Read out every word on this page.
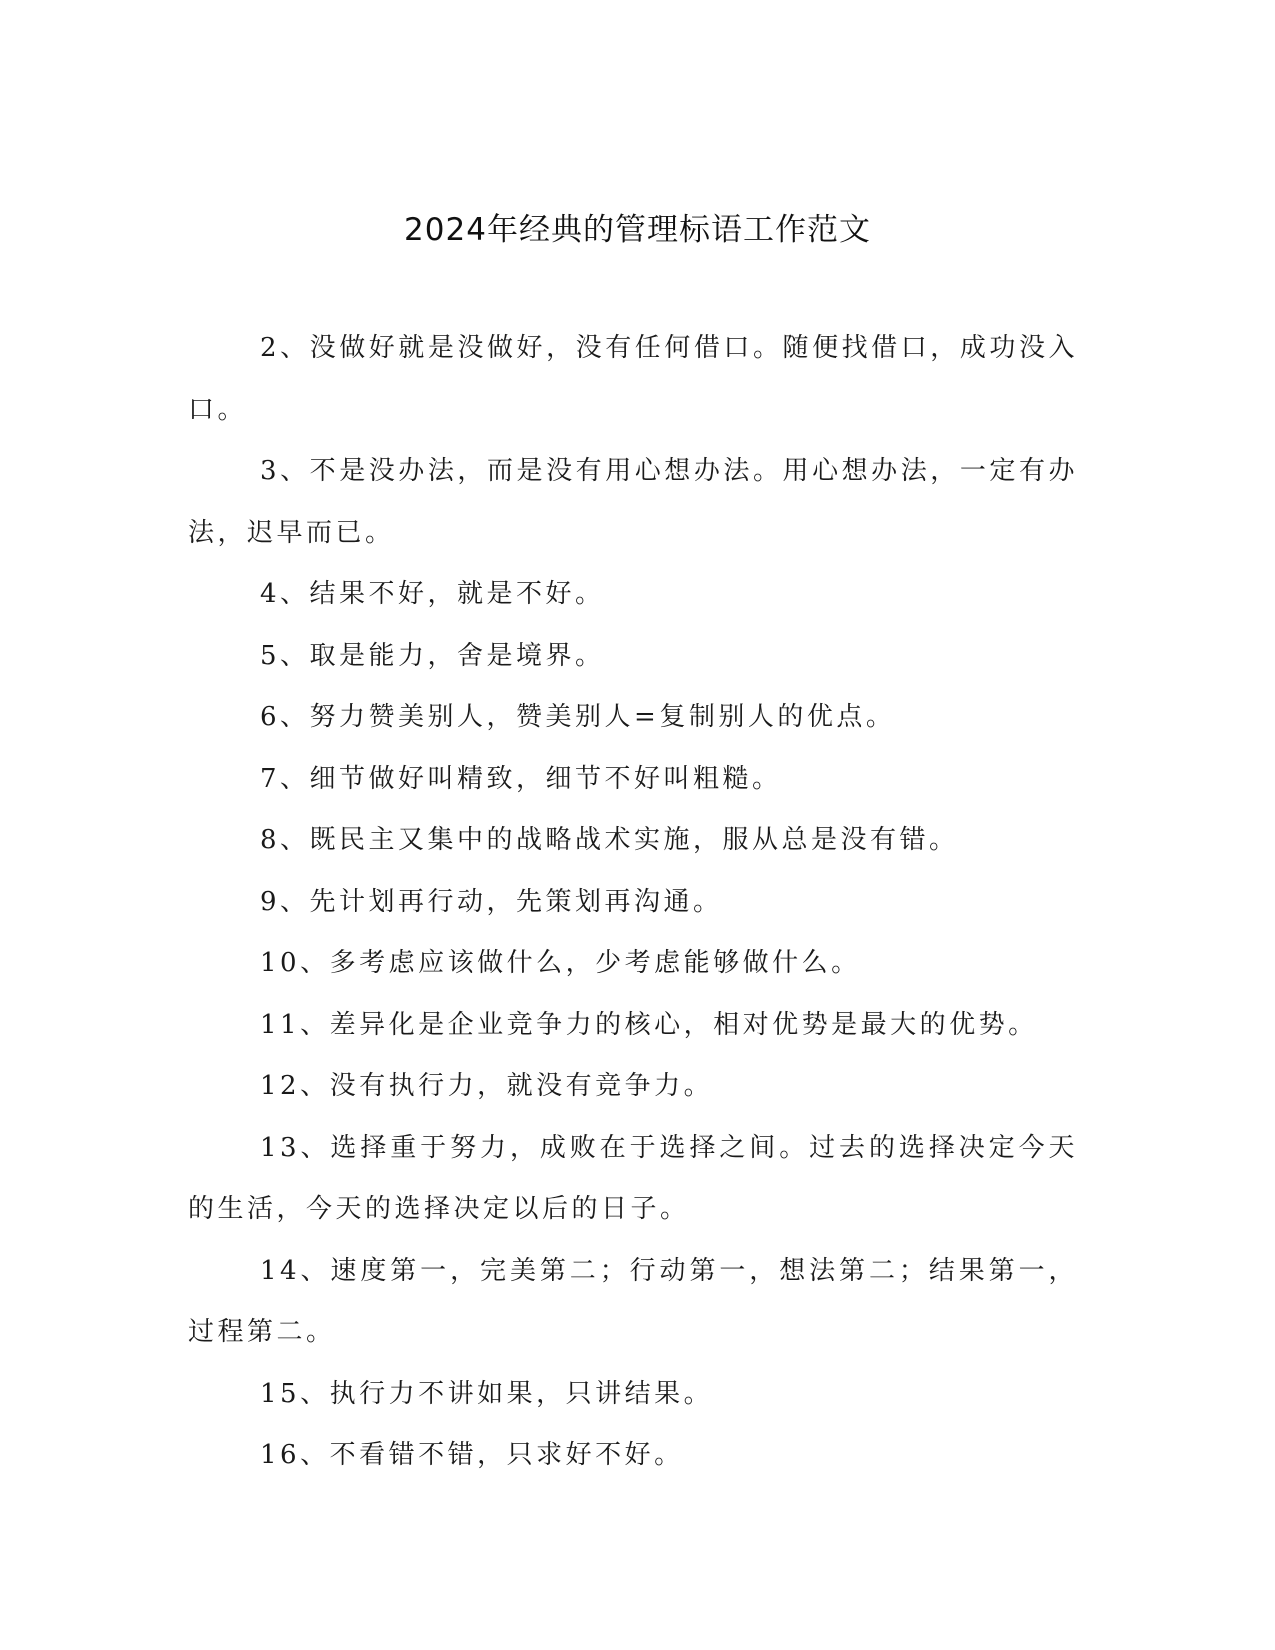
2024年经典的管理标语工作范文

2、没做好就是没做好，没有任何借口。随便找借口，成功没入口。

3、不是没办法，而是没有用心想办法。用心想办法，一定有办法，迟早而已。

4、结果不好，就是不好。

5、取是能力，舍是境界。

6、努力赞美别人，赞美别人=复制别人的优点。

7、细节做好叫精致，细节不好叫粗糙。

8、既民主又集中的战略战术实施，服从总是没有错。

9、先计划再行动，先策划再沟通。

10、多考虑应该做什么，少考虑能够做什么。

11、差异化是企业竞争力的核心，相对优势是最大的优势。

12、没有执行力，就没有竞争力。

13、选择重于努力，成败在于选择之间。过去的选择决定今天的生活，今天的选择决定以后的日子。

14、速度第一，完美第二；行动第一，想法第二；结果第一，过程第二。

15、执行力不讲如果，只讲结果。

16、不看错不错，只求好不好。
